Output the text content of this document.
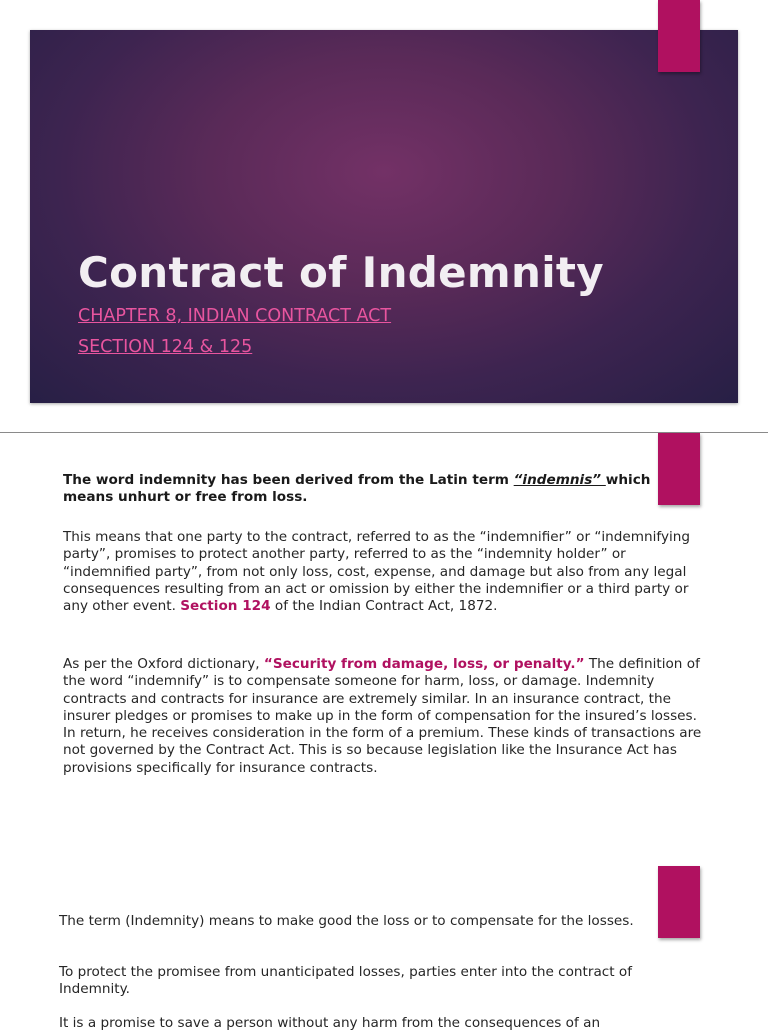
Contract of Indemnity
CHAPTER 8, INDIAN CONTRACT ACT
SECTION 124 & 125

The word indemnity has been derived from the Latin term “indemnis” which means unhurt or free from loss.

This means that one party to the contract, referred to as the “indemnifier” or “indemnifying party”, promises to protect another party, referred to as the “indemnity holder” or “indemnified party”, from not only loss, cost, expense, and damage but also from any legal consequences resulting from an act or omission by either the indemnifier or a third party or any other event. Section 124 of the Indian Contract Act, 1872.

As per the Oxford dictionary, “Security from damage, loss, or penalty.” The definition of the word “indemnify” is to compensate someone for harm, loss, or damage. Indemnity contracts and contracts for insurance are extremely similar. In an insurance contract, the insurer pledges or promises to make up in the form of compensation for the insured’s losses. In return, he receives consideration in the form of a premium. These kinds of transactions are not governed by the Contract Act. This is so because legislation like the Insurance Act has provisions specifically for insurance contracts.

The term (Indemnity) means to make good the loss or to compensate for the losses.

To protect the promisee from unanticipated losses, parties enter into the contract of Indemnity.

It is a promise to save a person without any harm from the consequences of an
